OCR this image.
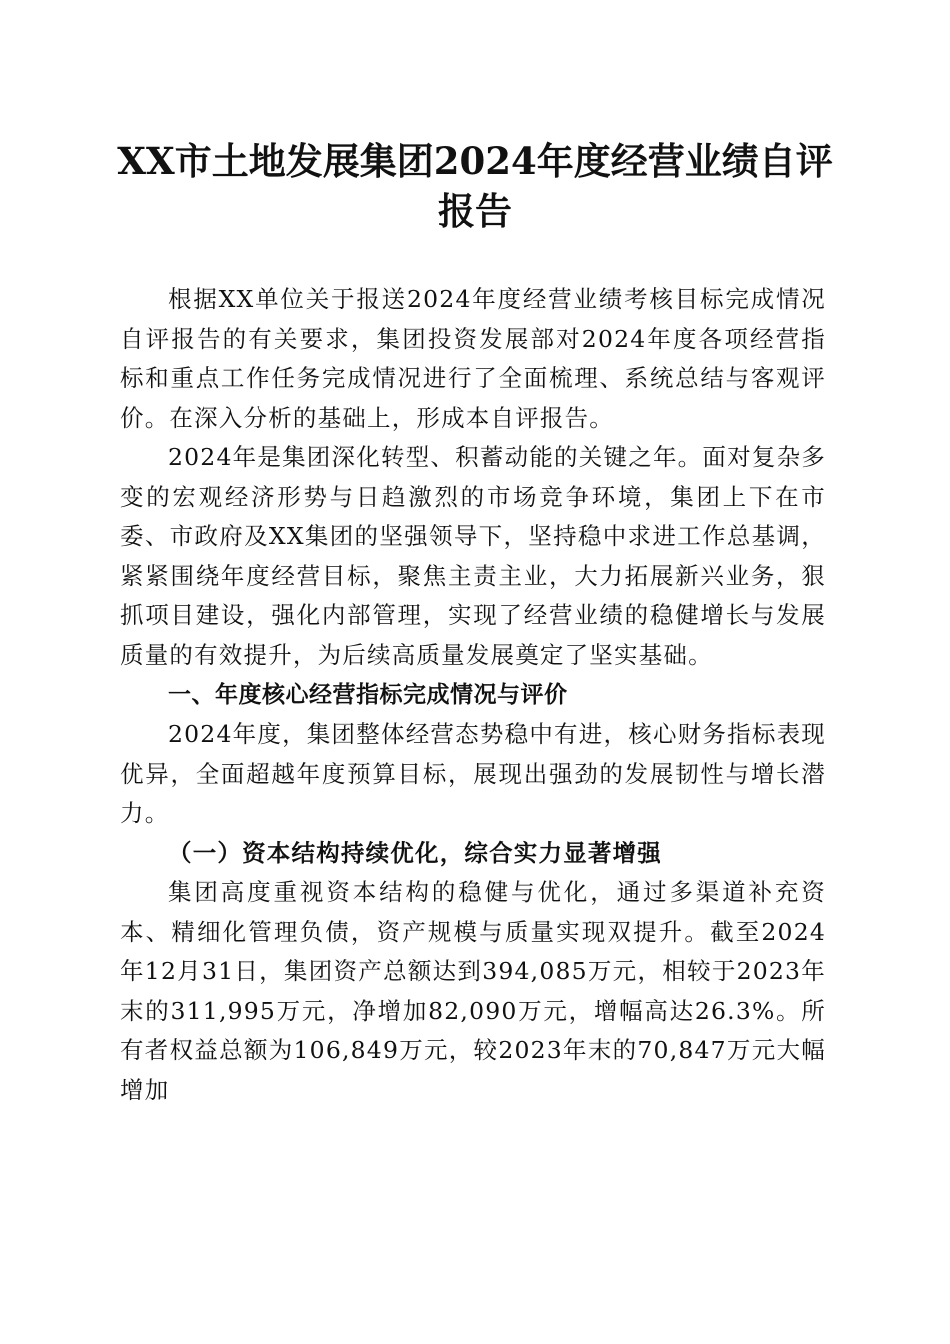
XX市土地发展集团2024年度经营业绩自评报告

根据XX单位关于报送2024年度经营业绩考核目标完成情况自评报告的有关要求，集团投资发展部对2024年度各项经营指标和重点工作任务完成情况进行了全面梳理、系统总结与客观评价。在深入分析的基础上，形成本自评报告。

2024年是集团深化转型、积蓄动能的关键之年。面对复杂多变的宏观经济形势与日趋激烈的市场竞争环境，集团上下在市委、市政府及XX集团的坚强领导下，坚持稳中求进工作总基调，紧紧围绕年度经营目标，聚焦主责主业，大力拓展新兴业务，狠抓项目建设，强化内部管理，实现了经营业绩的稳健增长与发展质量的有效提升，为后续高质量发展奠定了坚实基础。

一、年度核心经营指标完成情况与评价

2024年度，集团整体经营态势稳中有进，核心财务指标表现优异，全面超越年度预算目标，展现出强劲的发展韧性与增长潜力。

（一）资本结构持续优化，综合实力显著增强

集团高度重视资本结构的稳健与优化，通过多渠道补充资本、精细化管理负债，资产规模与质量实现双提升。截至2024年12月31日，集团资产总额达到394,085万元，相较于2023年末的311,995万元，净增加82,090万元，增幅高达26.3%。所有者权益总额为106,849万元，较2023年末的70,847万元大幅增加
